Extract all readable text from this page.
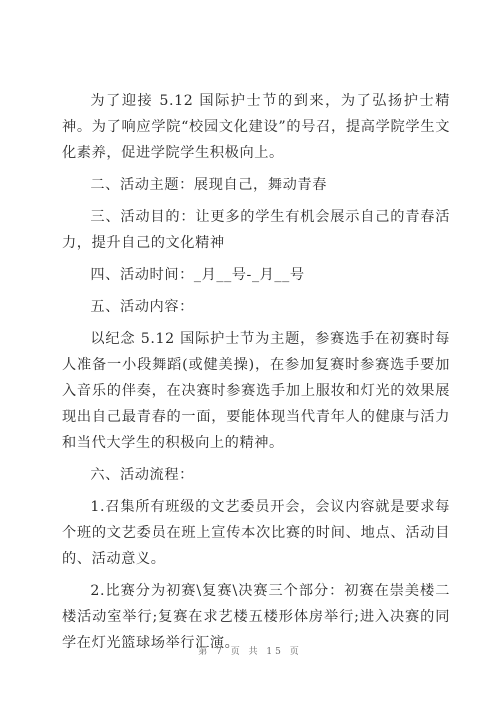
为了迎接 5.12 国际护士节的到来，为了弘扬护士精神。为了响应学院“校园文化建设”的号召，提高学院学生文化素养，促进学院学生积极向上。

二、活动主题：展现自己，舞动青春

三、活动目的：让更多的学生有机会展示自己的青春活力，提升自己的文化精神

四、活动时间：_月__号-_月__号

五、活动内容：

以纪念 5.12 国际护士节为主题，参赛选手在初赛时每人准备一小段舞蹈(或健美操)，在参加复赛时参赛选手要加入音乐的伴奏，在决赛时参赛选手加上服妆和灯光的效果展现出自己最青春的一面，要能体现当代青年人的健康与活力和当代大学生的积极向上的精神。

六、活动流程：

1.召集所有班级的文艺委员开会，会议内容就是要求每个班的文艺委员在班上宣传本次比赛的时间、地点、活动目的、活动意义。

2.比赛分为初赛\复赛\决赛三个部分：初赛在崇美楼二楼活动室举行;复赛在求艺楼五楼形体房举行;进入决赛的同学在灯光篮球场举行汇演。

第 7 页 共 15 页
